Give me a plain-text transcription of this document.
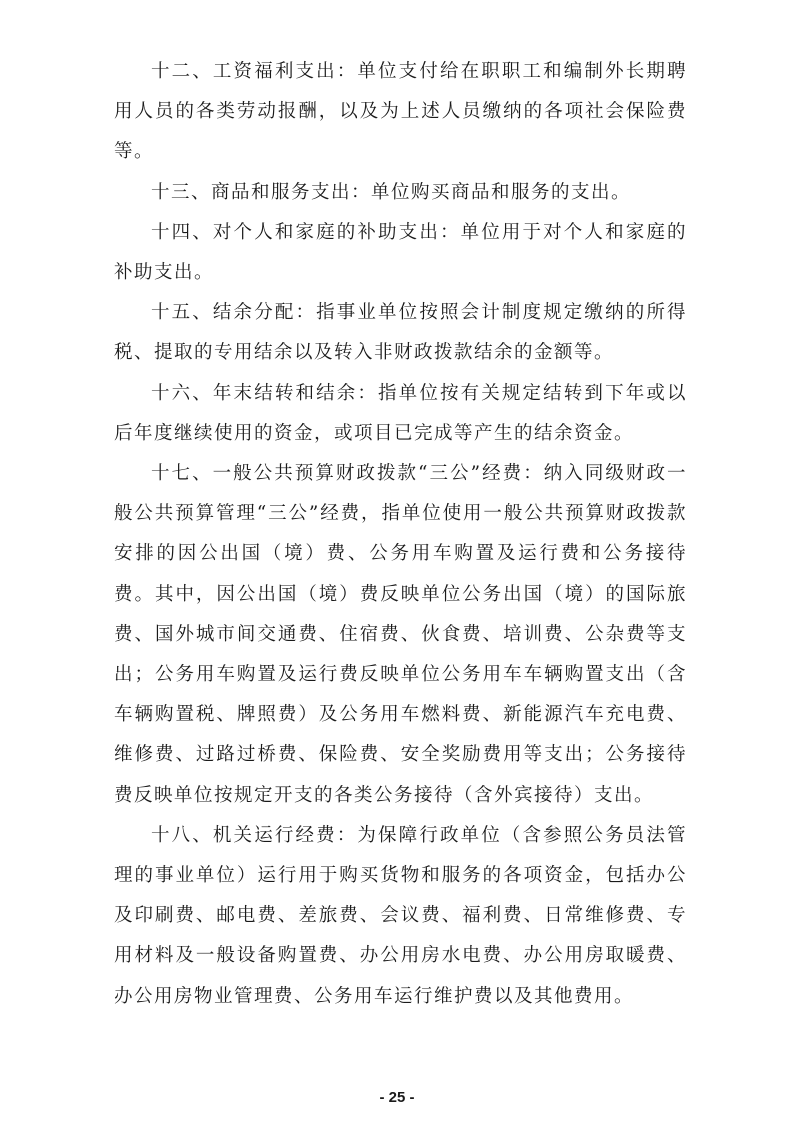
十二、工资福利支出：单位支付给在职职工和编制外长期聘用人员的各类劳动报酬，以及为上述人员缴纳的各项社会保险费等。

十三、商品和服务支出：单位购买商品和服务的支出。

十四、对个人和家庭的补助支出：单位用于对个人和家庭的补助支出。

十五、结余分配：指事业单位按照会计制度规定缴纳的所得税、提取的专用结余以及转入非财政拨款结余的金额等。

十六、年末结转和结余：指单位按有关规定结转到下年或以后年度继续使用的资金，或项目已完成等产生的结余资金。

十七、一般公共预算财政拨款“三公”经费：纳入同级财政一般公共预算管理“三公”经费，指单位使用一般公共预算财政拨款安排的因公出国（境）费、公务用车购置及运行费和公务接待费。其中，因公出国（境）费反映单位公务出国（境）的国际旅费、国外城市间交通费、住宿费、伙食费、培训费、公杂费等支出；公务用车购置及运行费反映单位公务用车车辆购置支出（含车辆购置税、牌照费）及公务用车燃料费、新能源汽车充电费、维修费、过路过桥费、保险费、安全奖励费用等支出；公务接待费反映单位按规定开支的各类公务接待（含外宾接待）支出。

十八、机关运行经费：为保障行政单位（含参照公务员法管理的事业单位）运行用于购买货物和服务的各项资金，包括办公及印刷费、邮电费、差旅费、会议费、福利费、日常维修费、专用材料及一般设备购置费、办公用房水电费、办公用房取暖费、办公用房物业管理费、公务用车运行维护费以及其他费用。

- 25 -
